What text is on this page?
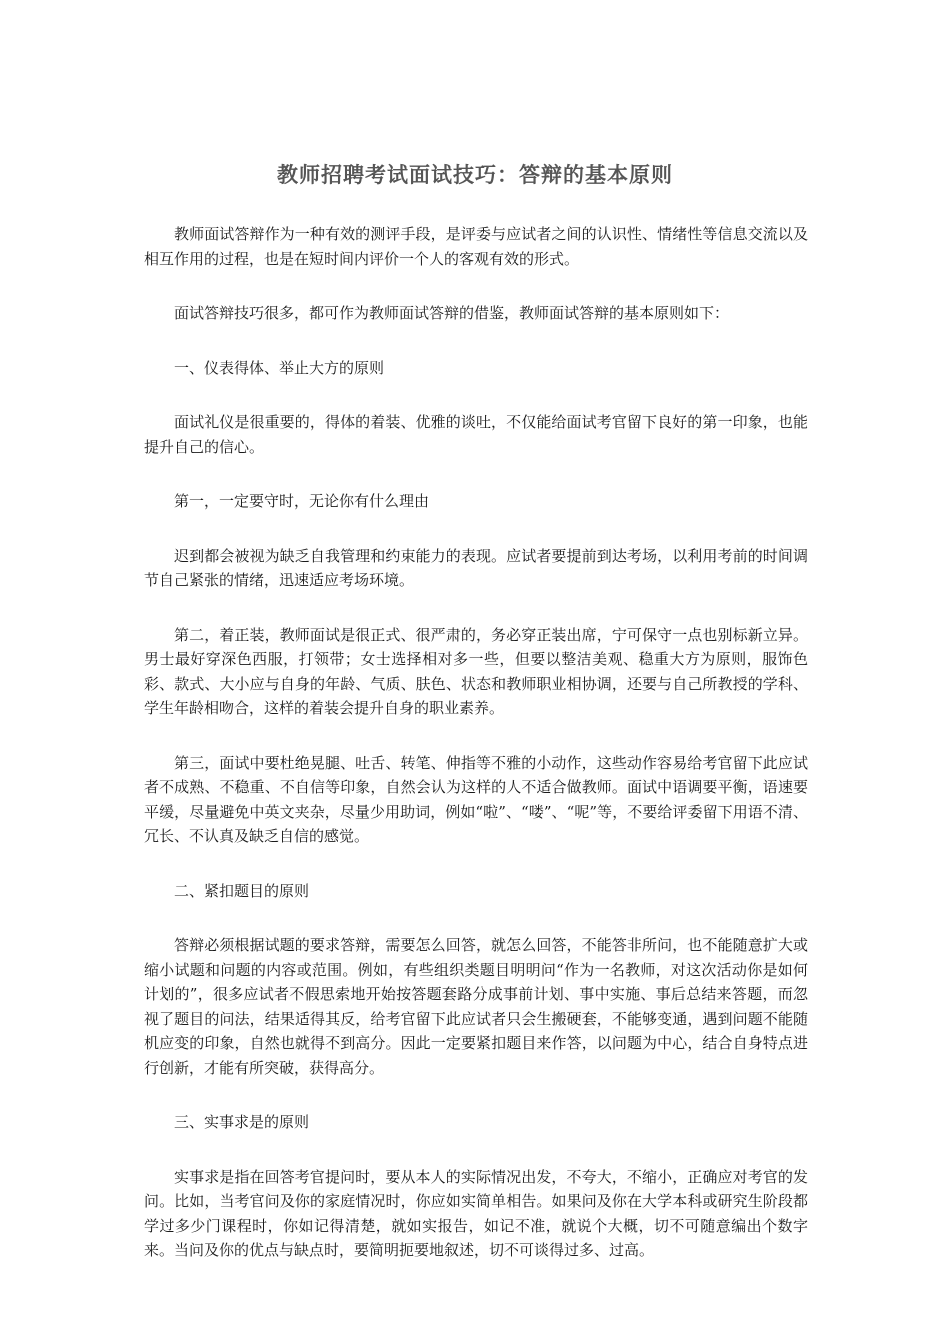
教师招聘考试面试技巧：答辩的基本原则

教师面试答辩作为一种有效的测评手段，是评委与应试者之间的认识性、情绪性等信息交流以及相互作用的过程，也是在短时间内评价一个人的客观有效的形式。

面试答辩技巧很多，都可作为教师面试答辩的借鉴，教师面试答辩的基本原则如下：

一、仪表得体、举止大方的原则

面试礼仪是很重要的，得体的着装、优雅的谈吐，不仅能给面试考官留下良好的第一印象，也能提升自己的信心。

第一，一定要守时，无论你有什么理由

迟到都会被视为缺乏自我管理和约束能力的表现。应试者要提前到达考场，以利用考前的时间调节自己紧张的情绪，迅速适应考场环境。

第二，着正装，教师面试是很正式、很严肃的，务必穿正装出席，宁可保守一点也别标新立异。男士最好穿深色西服，打领带；女士选择相对多一些，但要以整洁美观、稳重大方为原则，服饰色彩、款式、大小应与自身的年龄、气质、肤色、状态和教师职业相协调，还要与自己所教授的学科、学生年龄相吻合，这样的着装会提升自身的职业素养。

第三，面试中要杜绝晃腿、吐舌、转笔、伸指等不雅的小动作，这些动作容易给考官留下此应试者不成熟、不稳重、不自信等印象，自然会认为这样的人不适合做教师。面试中语调要平衡，语速要平缓，尽量避免中英文夹杂，尽量少用助词，例如“啦”、“喽”、“呢”等，不要给评委留下用语不清、冗长、不认真及缺乏自信的感觉。

二、紧扣题目的原则

答辩必须根据试题的要求答辩，需要怎么回答，就怎么回答，不能答非所问，也不能随意扩大或缩小试题和问题的内容或范围。例如，有些组织类题目明明问“作为一名教师，对这次活动你是如何计划的”，很多应试者不假思索地开始按答题套路分成事前计划、事中实施、事后总结来答题，而忽视了题目的问法，结果适得其反，给考官留下此应试者只会生搬硬套，不能够变通，遇到问题不能随机应变的印象，自然也就得不到高分。因此一定要紧扣题目来作答，以问题为中心，结合自身特点进行创新，才能有所突破，获得高分。

三、实事求是的原则

实事求是指在回答考官提问时，要从本人的实际情况出发，不夸大，不缩小，正确应对考官的发问。比如，当考官问及你的家庭情况时，你应如实简单相告。如果问及你在大学本科或研究生阶段都学过多少门课程时，你如记得清楚，就如实报告，如记不准，就说个大概，切不可随意编出个数字来。当问及你的优点与缺点时，要简明扼要地叙述，切不可谈得过多、过高。
